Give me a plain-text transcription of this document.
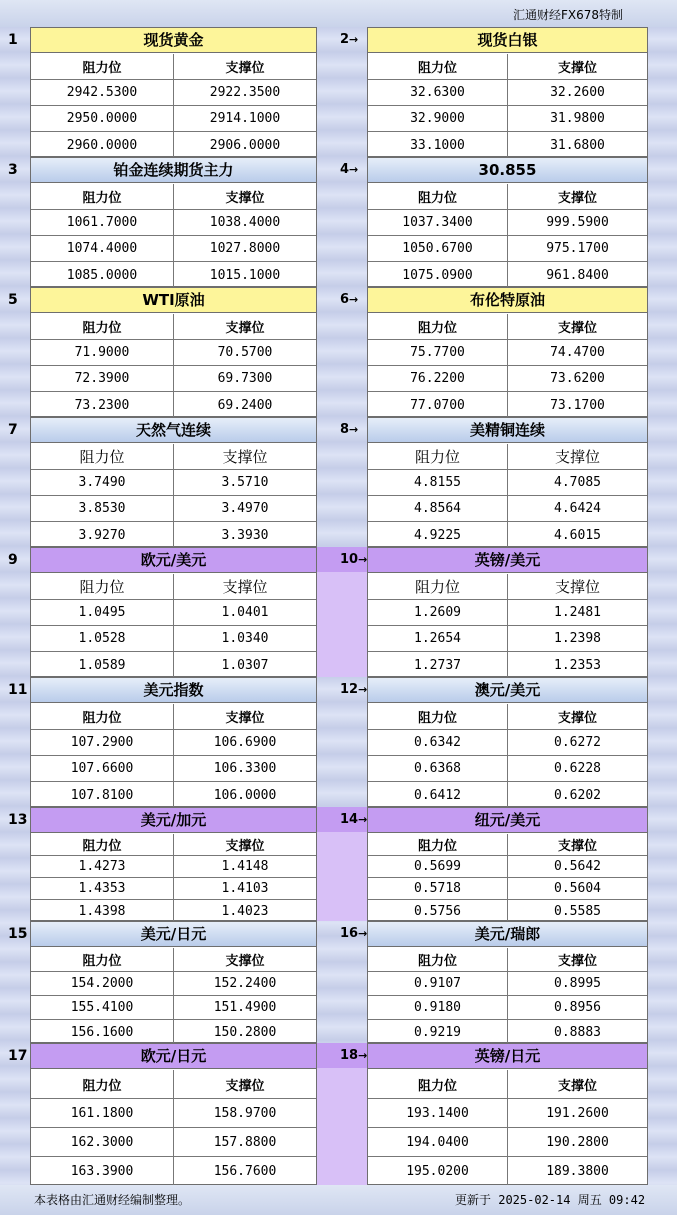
汇通财经FX678特制
1	2→
现货黄金
阻力位	支撑位
2942.5300	2922.3500
2950.0000	2914.1000
2960.0000	2906.0000
现货白银
阻力位	支撑位
32.6300	32.2600
32.9000	31.9800
33.1000	31.6800
3	4→
铂金连续期货主力
阻力位	支撑位
1061.7000	1038.4000
1074.4000	1027.8000
1085.0000	1015.1000
30.855
阻力位	支撑位
1037.3400	999.5900
1050.6700	975.1700
1075.0900	961.8400
5	6→
WTI原油
阻力位	支撑位
71.9000	70.5700
72.3900	69.7300
73.2300	69.2400
布伦特原油
阻力位	支撑位
75.7700	74.4700
76.2200	73.6200
77.0700	73.1700
7	8→
天然气连续
阻力位	支撑位
3.7490	3.5710
3.8530	3.4970
3.9270	3.3930
美精铜连续
阻力位	支撑位
4.8155	4.7085
4.8564	4.6424
4.9225	4.6015
9	10→
欧元/美元
阻力位	支撑位
1.0495	1.0401
1.0528	1.0340
1.0589	1.0307
英镑/美元
阻力位	支撑位
1.2609	1.2481
1.2654	1.2398
1.2737	1.2353
11	12→
美元指数
阻力位	支撑位
107.2900	106.6900
107.6600	106.3300
107.8100	106.0000
澳元/美元
阻力位	支撑位
0.6342	0.6272
0.6368	0.6228
0.6412	0.6202
13	14→
美元/加元
阻力位	支撑位
1.4273	1.4148
1.4353	1.4103
1.4398	1.4023
纽元/美元
阻力位	支撑位
0.5699	0.5642
0.5718	0.5604
0.5756	0.5585
15	16→
美元/日元
阻力位	支撑位
154.2000	152.2400
155.4100	151.4900
156.1600	150.2800
美元/瑞郎
阻力位	支撑位
0.9107	0.8995
0.9180	0.8956
0.9219	0.8883
17	18→
欧元/日元
阻力位	支撑位
161.1800	158.9700
162.3000	157.8800
163.3900	156.7600
英镑/日元
阻力位	支撑位
193.1400	191.2600
194.0400	190.2800
195.0200	189.3800
本表格由汇通财经编制整理。	更新于 2025-02-14 周五 09:42
